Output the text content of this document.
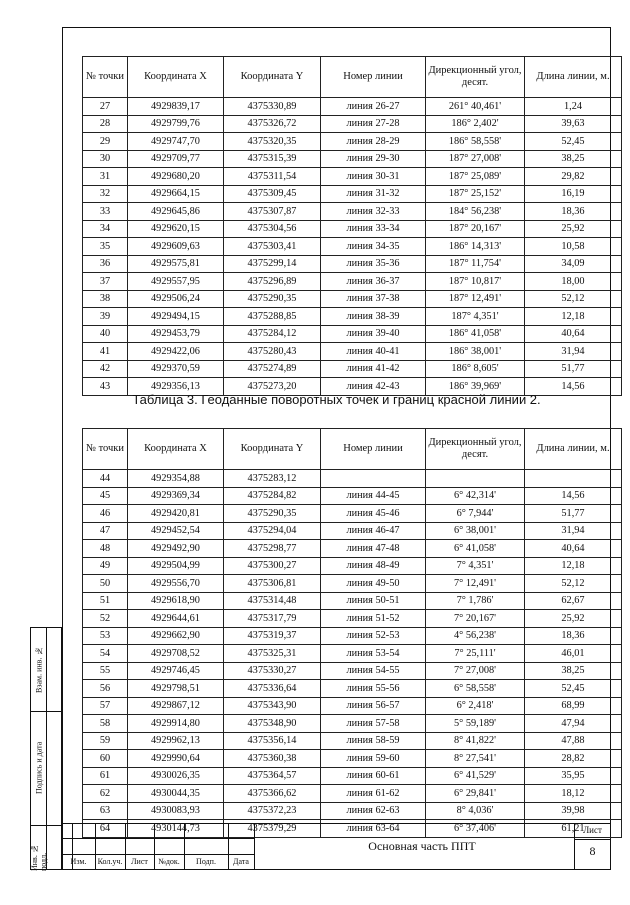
№ точки	Координата X	Координата Y	Номер линии	Дирекционный угол, десят.	Длина линии, м.
27	4929839,17	4375330,89	линия 26-27	261° 40,461'	1,24
28	4929799,76	4375326,72	линия 27-28	186° 2,402'	39,63
29	4929747,70	4375320,35	линия 28-29	186° 58,558'	52,45
30	4929709,77	4375315,39	линия 29-30	187° 27,008'	38,25
31	4929680,20	4375311,54	линия 30-31	187° 25,089'	29,82
32	4929664,15	4375309,45	линия 31-32	187° 25,152'	16,19
33	4929645,86	4375307,87	линия 32-33	184° 56,238'	18,36
34	4929620,15	4375304,56	линия 33-34	187° 20,167'	25,92
35	4929609,63	4375303,41	линия 34-35	186° 14,313'	10,58
36	4929575,81	4375299,14	линия 35-36	187° 11,754'	34,09
37	4929557,95	4375296,89	линия 36-37	187° 10,817'	18,00
38	4929506,24	4375290,35	линия 37-38	187° 12,491'	52,12
39	4929494,15	4375288,85	линия 38-39	187° 4,351'	12,18
40	4929453,79	4375284,12	линия 39-40	186° 41,058'	40,64
41	4929422,06	4375280,43	линия 40-41	186° 38,001'	31,94
42	4929370,59	4375274,89	линия 41-42	186° 8,605'	51,77
43	4929356,13	4375273,20	линия 42-43	186° 39,969'	14,56
Таблица 3. Геоданные поворотных точек и границ красной линии 2.
№ точки	Координата X	Координата Y	Номер линии	Дирекционный угол, десят.	Длина линии, м.
44	4929354,88	4375283,12			
45	4929369,34	4375284,82	линия 44-45	6° 42,314'	14,56
46	4929420,81	4375290,35	линия 45-46	6° 7,944'	51,77
47	4929452,54	4375294,04	линия 46-47	6° 38,001'	31,94
48	4929492,90	4375298,77	линия 47-48	6° 41,058'	40,64
49	4929504,99	4375300,27	линия 48-49	7° 4,351'	12,18
50	4929556,70	4375306,81	линия 49-50	7° 12,491'	52,12
51	4929618,90	4375314,48	линия 50-51	7° 1,786'	62,67
52	4929644,61	4375317,79	линия 51-52	7° 20,167'	25,92
53	4929662,90	4375319,37	линия 52-53	4° 56,238'	18,36
54	4929708,52	4375325,31	линия 53-54	7° 25,111'	46,01
55	4929746,45	4375330,27	линия 54-55	7° 27,008'	38,25
56	4929798,51	4375336,64	линия 55-56	6° 58,558'	52,45
57	4929867,12	4375343,90	линия 56-57	6° 2,418'	68,99
58	4929914,80	4375348,90	линия 57-58	5° 59,189'	47,94
59	4929962,13	4375356,14	линия 58-59	8° 41,822'	47,88
60	4929990,64	4375360,38	линия 59-60	8° 27,541'	28,82
61	4930026,35	4375364,57	линия 60-61	6° 41,529'	35,95
62	4930044,35	4375366,62	линия 61-62	6° 29,841'	18,12
63	4930083,93	4375372,23	линия 62-63	8° 4,036'	39,98
64	4930144,73	4375379,29	линия 63-64	6° 37,406'	61,21
Взам. инв. №
Подпись и дата
Инв. № подл.	Изм.	Кол.уч.	Лист	№док.	Подп.	Дата
Основная часть ППТ
Лист
8
